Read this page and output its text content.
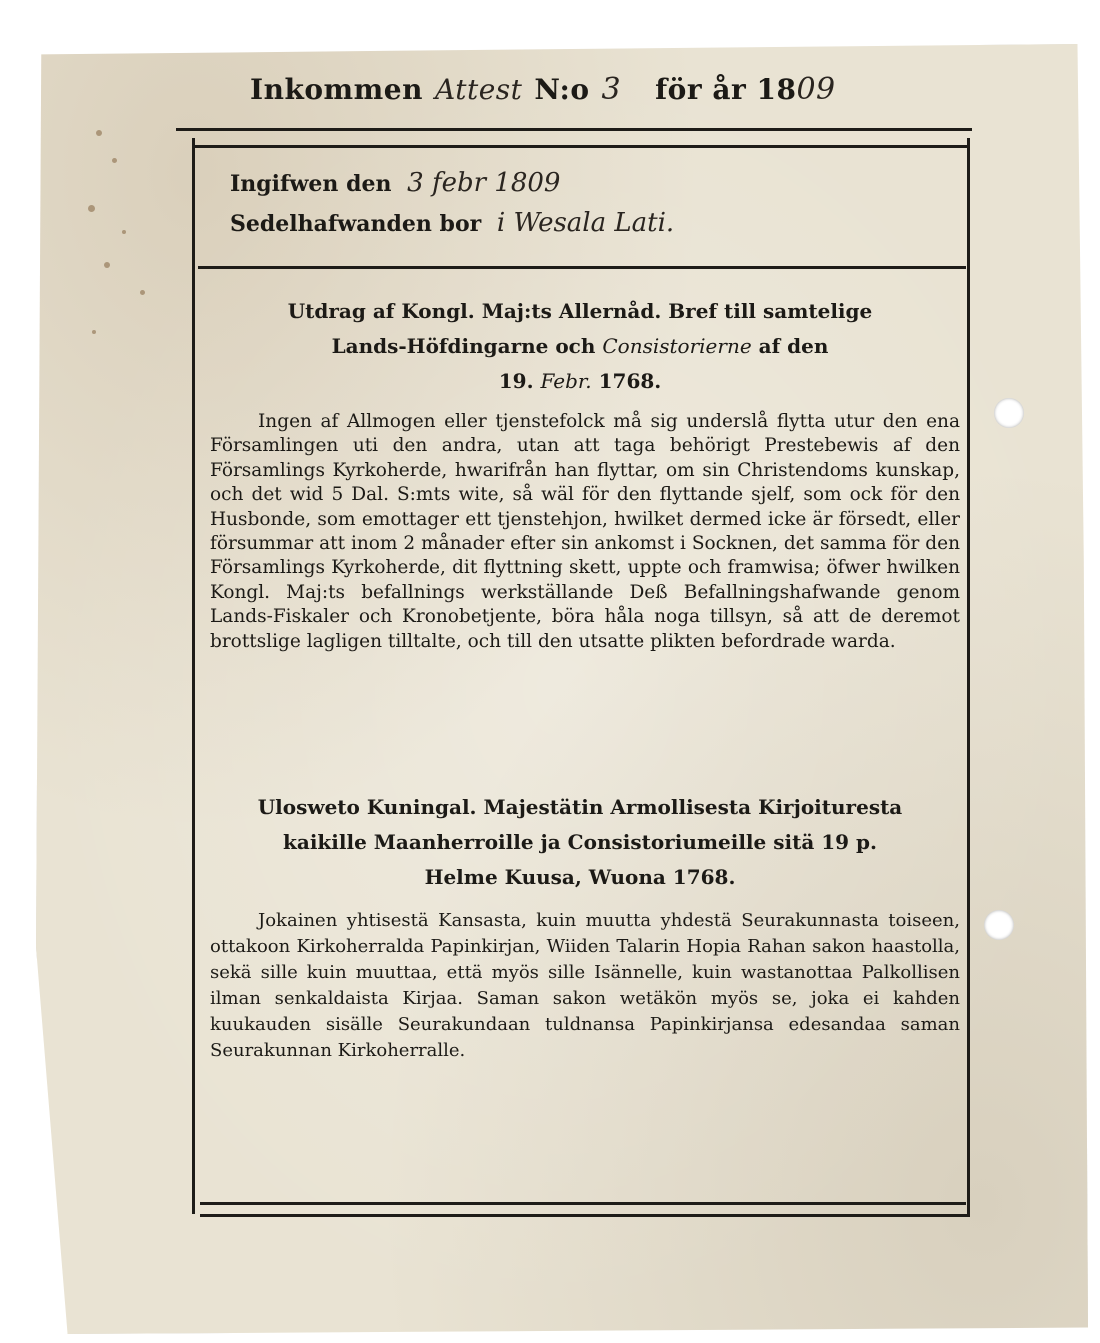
Inkommen Attest N:o 3 för år 1809
Ingifwen den 3 febr 1809
Sedelhafwanden bor i Wesala Lati.
Utdrag af Kongl. Maj:ts Allernåd. Bref till samtelige
Lands-Höfdingarne och Consistorierne af den
19. Febr. 1768.
Ingen af Allmogen eller tjenstefolck må sig underslå flytta utur den ena Församlingen uti den andra, utan att taga behörigt Prestebewis af den Församlings Kyrkoherde, hwarifrån han flyttar, om sin Christendoms kunskap, och det wid 5 Dal. S:mts wite, så wäl för den flyttande sjelf, som ock för den Husbonde, som emottager ett tjenstehjon, hwilket dermed icke är försedt, eller försummar att inom 2 månader efter sin ankomst i Socknen, det samma för den Församlings Kyrkoherde, dit flyttning skett, uppte och framwisa; öfwer hwilken Kongl. Maj:ts befallnings werkställande Deß Befallningshafwande genom Lands-Fiskaler och Kronobetjente, böra håla noga tillsyn, så att de deremot brottslige lagligen tilltalte, och till den utsatte plikten befordrade warda.
Ulosweto Kuningal. Majestätin Armollisesta Kirjoituresta
kaikille Maanherroille ja Consistoriumeille sitä 19 p.
Helme Kuusa, Wuona 1768.
Jokainen yhtisestä Kansasta, kuin muutta yhdestä Seurakunnasta toiseen, ottakoon Kirkoherralda Papinkirjan, Wiiden Talarin Hopia Rahan sakon haastolla, sekä sille kuin muuttaa, että myös sille Isännelle, kuin wastanottaa Palkollisen ilman senkaldaista Kirjaa. Saman sakon wetäkön myös se, joka ei kahden kuukauden sisälle Seurakundaan tuldnansa Papinkirjansa edesandaa saman Seurakunnan Kirkoherralle.
